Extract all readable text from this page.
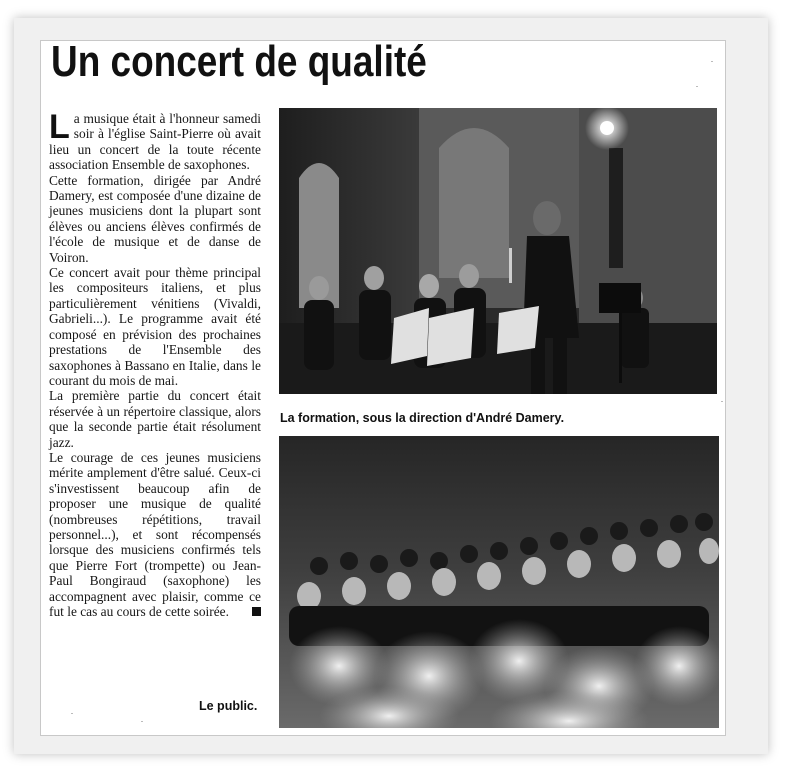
Un concert de qualité

La musique était à l'honneur samedi soir à l'église Saint-Pierre où avait lieu un concert de la toute récente association Ensemble de saxophones.

Cette formation, dirigée par André Damery, est composée d'une dizaine de jeunes musiciens dont la plupart sont élèves ou anciens élèves confirmés de l'école de musique et de danse de Voiron.

Ce concert avait pour thème principal les compositeurs italiens, et plus particulièrement vénitiens (Vivaldi, Gabrieli...). Le programme avait été composé en prévision des prochaines prestations de l'Ensemble des saxophones à Bassano en Italie, dans le courant du mois de mai.

La première partie du concert était réservée à un répertoire classique, alors que la seconde partie était résolument jazz.

Le courage de ces jeunes musiciens mérite amplement d'être salué. Ceux-ci s'investissent beaucoup afin de proposer une musique de qualité (nombreuses répétitions, travail personnel...), et sont récompensés lorsque des musiciens confirmés tels que Pierre Fort (trompette) ou Jean-Paul Bongiraud (saxophone) les accompagnent avec plaisir, comme ce fut le cas au cours de cette soirée.

La formation, sous la direction d'André Damery.
Le public.
